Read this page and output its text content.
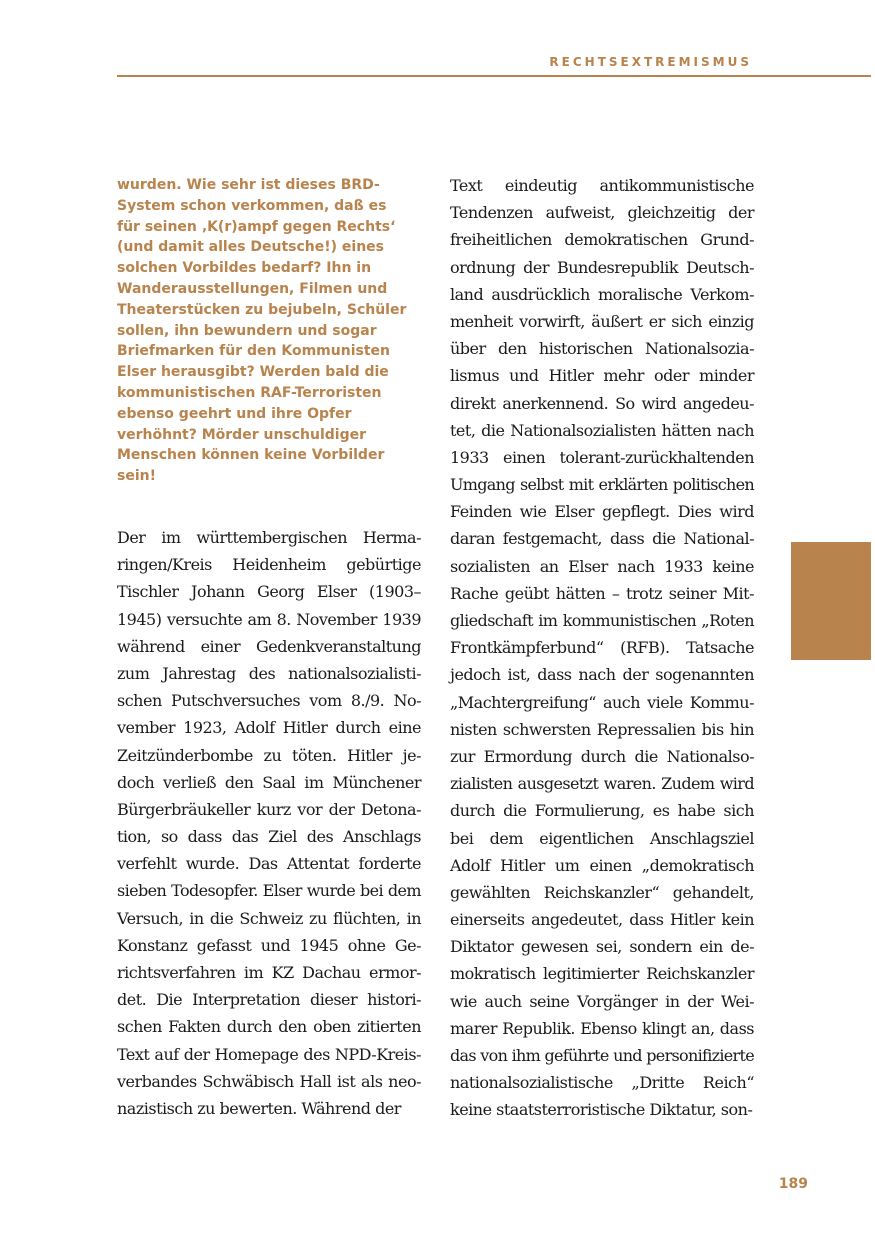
RECHTSEXTREMISMUS
wurden. Wie sehr ist dieses BRD-
System schon verkommen, daß es
für seinen ‚K(r)ampf gegen Rechts‘
(und damit alles Deutsche!) eines
solchen Vorbildes bedarf? Ihn in
Wanderausstellungen, Filmen und
Theaterstücken zu bejubeln, Schüler
sollen, ihn bewundern und sogar
Briefmarken für den Kommunisten
Elser herausgibt? Werden bald die
kommunistischen RAF-Terroristen
ebenso geehrt und ihre Opfer
verhöhnt? Mörder unschuldiger
Menschen können keine Vorbilder
sein!
Der im württembergischen Herma-
ringen/Kreis Heidenheim gebürtige
Tischler Johann Georg Elser (1903–
1945) versuchte am 8. November 1939
während einer Gedenkveranstaltung
zum Jahrestag des nationalsozialisti-
schen Putschversuches vom 8./9. No-
vember 1923, Adolf Hitler durch eine
Zeitzünderbombe zu töten. Hitler je-
doch verließ den Saal im Münchener
Bürgerbräukeller kurz vor der Detona-
tion, so dass das Ziel des Anschlags
verfehlt wurde. Das Attentat forderte
sieben Todesopfer. Elser wurde bei dem
Versuch, in die Schweiz zu flüchten, in
Konstanz gefasst und 1945 ohne Ge-
richtsverfahren im KZ Dachau ermor-
det. Die Interpretation dieser histori-
schen Fakten durch den oben zitierten
Text auf der Homepage des NPD-Kreis-
verbandes Schwäbisch Hall ist als neo-
nazistisch zu bewerten. Während der
Text eindeutig antikommunistische
Tendenzen aufweist, gleichzeitig der
freiheitlichen demokratischen Grund-
ordnung der Bundesrepublik Deutsch-
land ausdrücklich moralische Verkom-
menheit vorwirft, äußert er sich einzig
über den historischen Nationalsozia-
lismus und Hitler mehr oder minder
direkt anerkennend. So wird angedeu-
tet, die Nationalsozialisten hätten nach
1933 einen tolerant-zurückhaltenden
Umgang selbst mit erklärten politischen
Feinden wie Elser gepflegt. Dies wird
daran festgemacht, dass die National-
sozialisten an Elser nach 1933 keine
Rache geübt hätten – trotz seiner Mit-
gliedschaft im kommunistischen „Roten
Frontkämpferbund“ (RFB). Tatsache
jedoch ist, dass nach der sogenannten
„Machtergreifung“ auch viele Kommu-
nisten schwersten Repressalien bis hin
zur Ermordung durch die Nationalso-
zialisten ausgesetzt waren. Zudem wird
durch die Formulierung, es habe sich
bei dem eigentlichen Anschlagsziel
Adolf Hitler um einen „demokratisch
gewählten Reichskanzler“ gehandelt,
einerseits angedeutet, dass Hitler kein
Diktator gewesen sei, sondern ein de-
mokratisch legitimierter Reichskanzler
wie auch seine Vorgänger in der Wei-
marer Republik. Ebenso klingt an, dass
das von ihm geführte und personifizierte
nationalsozialistische „Dritte Reich“
keine staatsterroristische Diktatur, son-

189
